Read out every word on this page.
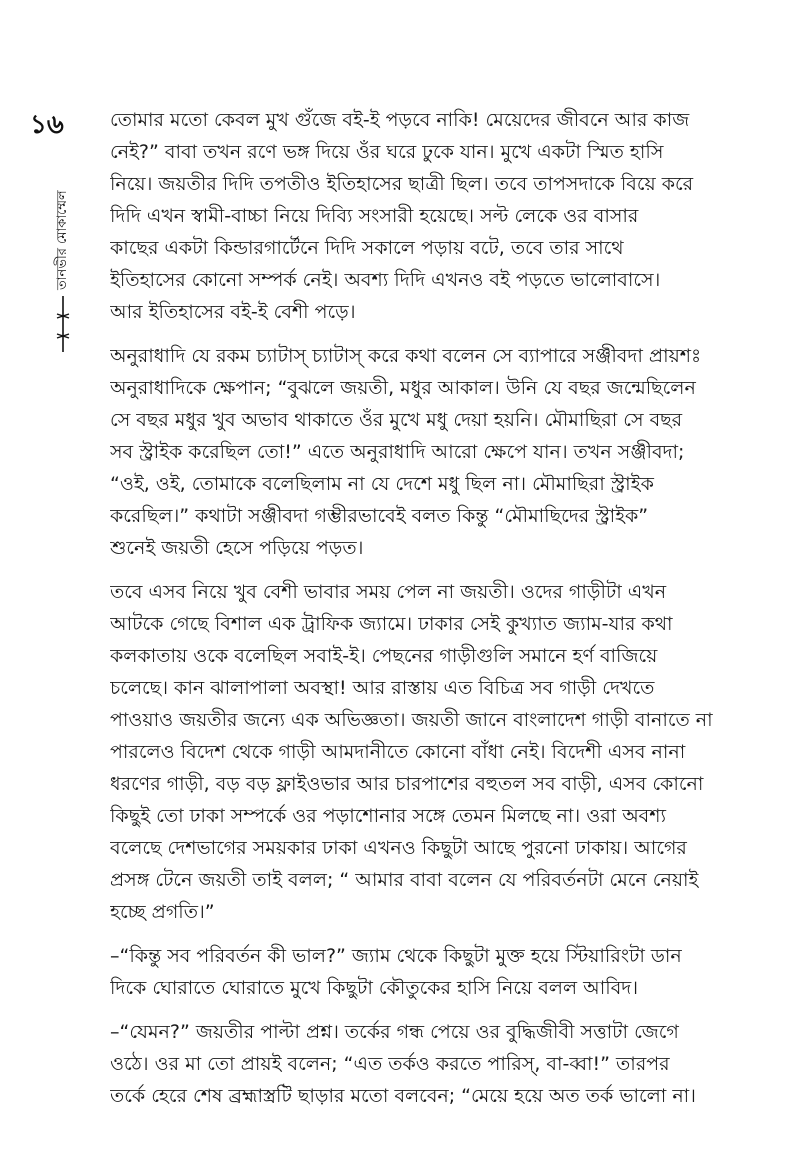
১৬
তানভীর মোকাম্মেল
তোমার মতো কেবল মুখ গুঁজে বই-ই পড়বে নাকি! মেয়েদের জীবনে আর কাজ
নেই?” বাবা তখন রণে ভঙ্গ দিয়ে ওঁর ঘরে ঢুকে যান। মুখে একটা স্মিত হাসি
নিয়ে। জয়তীর দিদি তপতীও ইতিহাসের ছাত্রী ছিল। তবে তাপসদাকে বিয়ে করে
দিদি এখন স্বামী-বাচ্চা নিয়ে দিব্যি সংসারী হয়েছে। সল্ট লেকে ওর বাসার
কাছের একটা কিন্ডারগার্টেনে দিদি সকালে পড়ায় বটে, তবে তার সাথে
ইতিহাসের কোনো সম্পর্ক নেই। অবশ্য দিদি এখনও বই পড়তে ভালোবাসে।
আর ইতিহাসের বই-ই বেশী পড়ে।
অনুরাধাদি যে রকম চ্যাটাস্ চ্যাটাস্ করে কথা বলেন সে ব্যাপারে সঞ্জীবদা প্রায়শঃ
অনুরাধাদিকে ক্ষেপান; “বুঝলে জয়তী, মধুর আকাল। উনি যে বছর জন্মেছিলেন
সে বছর মধুর খুব অভাব থাকাতে ওঁর মুখে মধু দেয়া হয়নি। মৌমাছিরা সে বছর
সব স্ট্রাইক করেছিল তো!” এতে অনুরাধাদি আরো ক্ষেপে যান। তখন সঞ্জীবদা;
“ওই, ওই, তোমাকে বলেছিলাম না যে দেশে মধু ছিল না। মৌমাছিরা স্ট্রাইক
করেছিল।” কথাটা সঞ্জীবদা গম্ভীরভাবেই বলত কিন্তু “মৌমাছিদের স্ট্রাইক”
শুনেই জয়তী হেসে পড়িয়ে পড়ত।
তবে এসব নিয়ে খুব বেশী ভাবার সময় পেল না জয়তী। ওদের গাড়ীটা এখন
আটকে গেছে বিশাল এক ট্রাফিক জ্যামে। ঢাকার সেই কুখ্যাত জ্যাম-যার কথা
কলকাতায় ওকে বলেছিল সবাই-ই। পেছনের গাড়ীগুলি সমানে হর্ণ বাজিয়ে
চলেছে। কান ঝালাপালা অবস্থা! আর রাস্তায় এত বিচিত্র সব গাড়ী দেখতে
পাওয়াও জয়তীর জন্যে এক অভিজ্ঞতা। জয়তী জানে বাংলাদেশ গাড়ী বানাতে না
পারলেও বিদেশ থেকে গাড়ী আমদানীতে কোনো বাঁধা নেই। বিদেশী এসব নানা
ধরণের গাড়ী, বড় বড় ফ্লাইওভার আর চারপাশের বহুতল সব বাড়ী, এসব কোনো
কিছুই তো ঢাকা সম্পর্কে ওর পড়াশোনার সঙ্গে তেমন মিলছে না। ওরা অবশ্য
বলেছে দেশভাগের সময়কার ঢাকা এখনও কিছুটা আছে পুরনো ঢাকায়। আগের
প্রসঙ্গ টেনে জয়তী তাই বলল; “ আমার বাবা বলেন যে পরিবর্তনটা মেনে নেয়াই
হচ্ছে প্রগতি।”
–“কিন্তু সব পরিবর্তন কী ভাল?” জ্যাম থেকে কিছুটা মুক্ত হয়ে স্টিয়ারিংটা ডান
দিকে ঘোরাতে ঘোরাতে মুখে কিছুটা কৌতুকের হাসি নিয়ে বলল আবিদ।
–“যেমন?” জয়তীর পাল্টা প্রশ্ন। তর্কের গন্ধ পেয়ে ওর বুদ্ধিজীবী সত্তাটা জেগে
ওঠে। ওর মা তো প্রায়ই বলেন; “এত তর্কও করতে পারিস্, বা-ব্বা!” তারপর
তর্কে হেরে শেষ ব্রহ্মাস্ত্রটি ছাড়ার মতো বলবেন; “মেয়ে হয়ে অত তর্ক ভালো না।
